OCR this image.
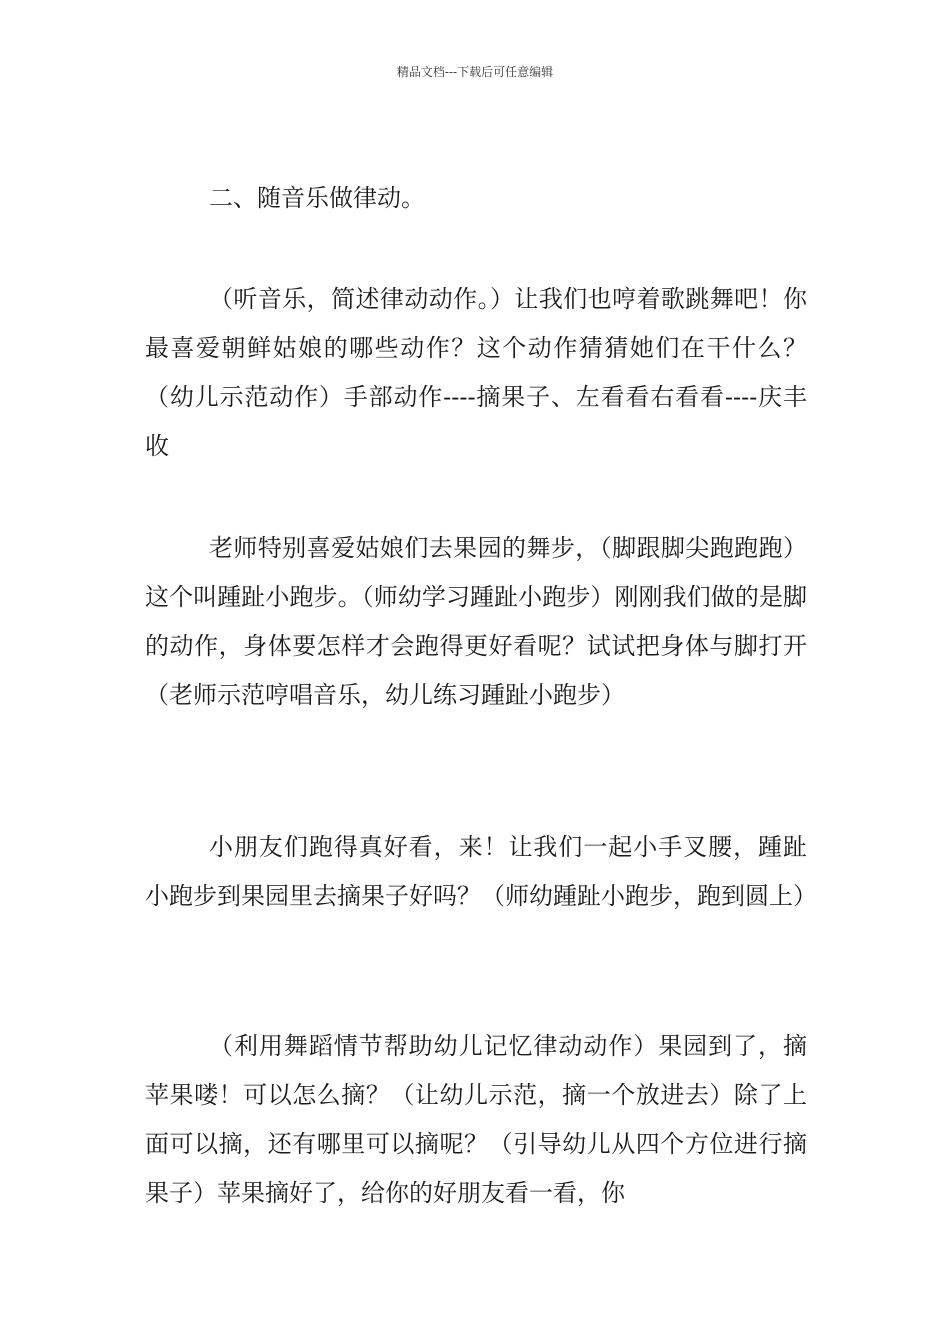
精品文档---下载后可任意编辑

二、随音乐做律动。

（听音乐，简述律动动作。）让我们也哼着歌跳舞吧！你最喜爱朝鲜姑娘的哪些动作？这个动作猜猜她们在干什么？（幼儿示范动作）手部动作----摘果子、左看看右看看----庆丰收

老师特别喜爱姑娘们去果园的舞步，（脚跟脚尖跑跑跑）这个叫踵趾小跑步。（师幼学习踵趾小跑步）刚刚我们做的是脚的动作，身体要怎样才会跑得更好看呢？试试把身体与脚打开（老师示范哼唱音乐，幼儿练习踵趾小跑步）

小朋友们跑得真好看，来！让我们一起小手叉腰，踵趾小跑步到果园里去摘果子好吗？（师幼踵趾小跑步，跑到圆上）

（利用舞蹈情节帮助幼儿记忆律动动作）果园到了，摘苹果喽！可以怎么摘？（让幼儿示范，摘一个放进去）除了上面可以摘，还有哪里可以摘呢？（引导幼儿从四个方位进行摘果子）苹果摘好了，给你的好朋友看一看，你
